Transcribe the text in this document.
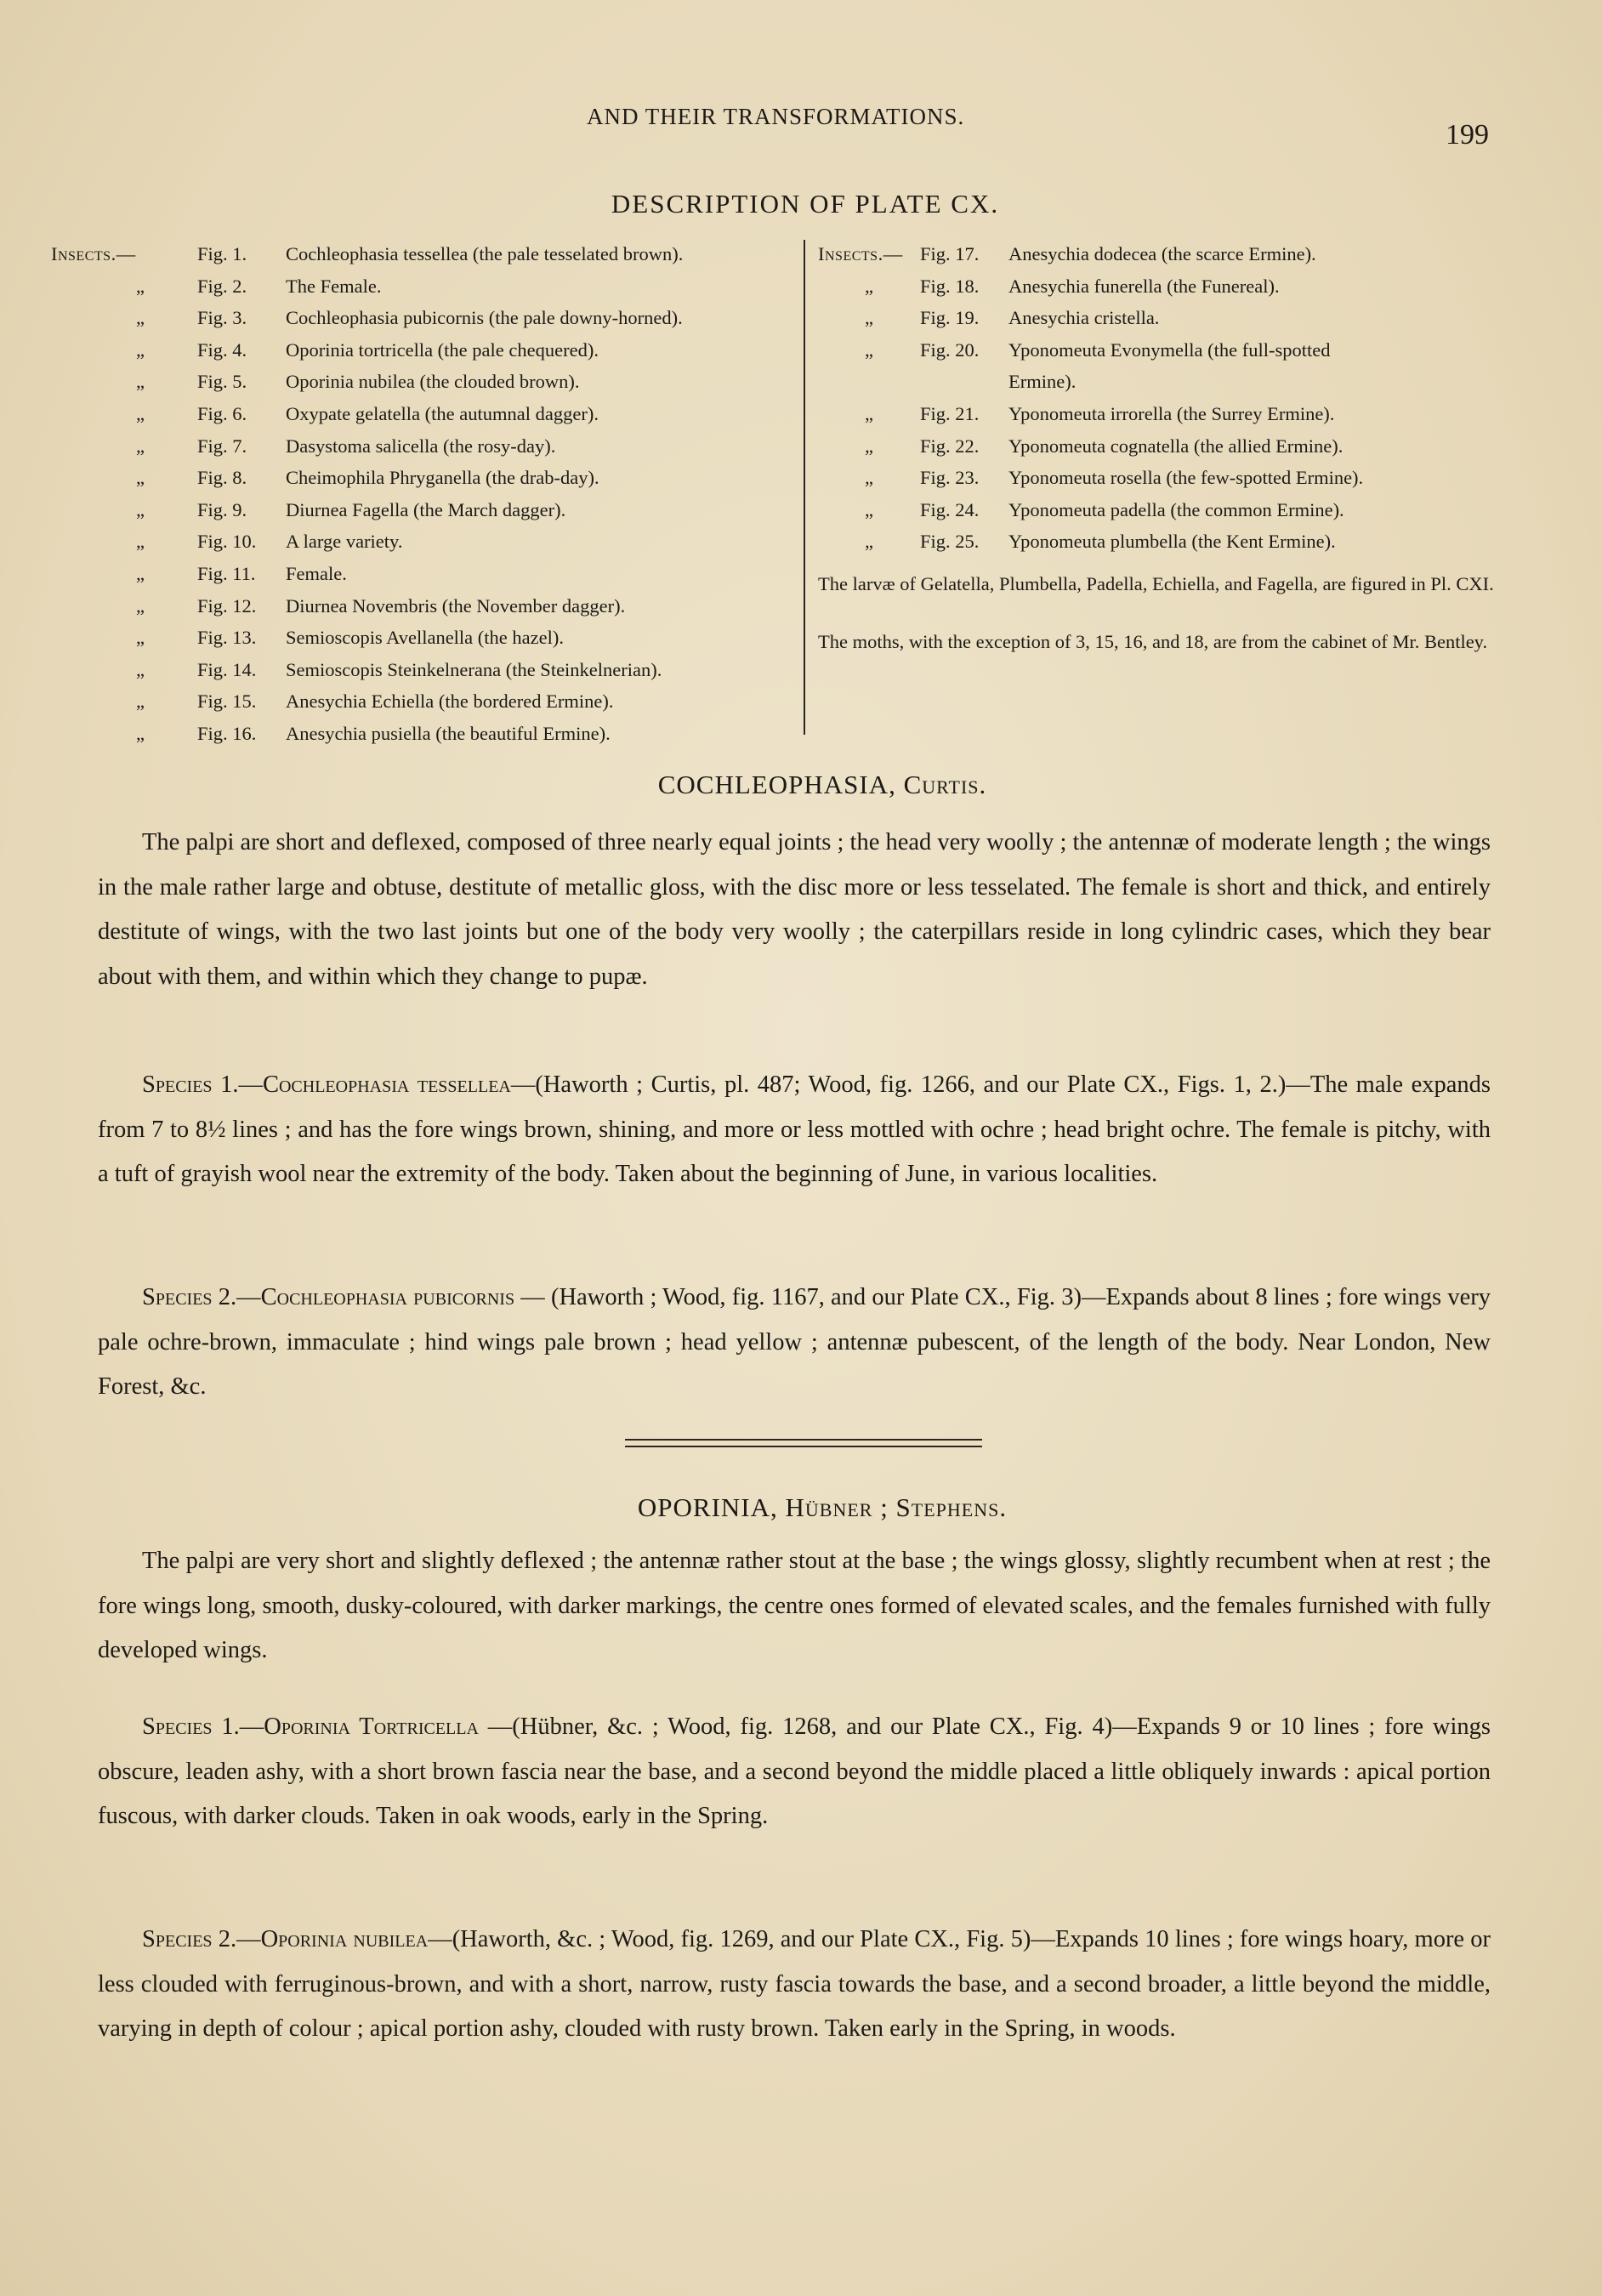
AND THEIR TRANSFORMATIONS.
199
DESCRIPTION OF PLATE CX.
Insects.—	Fig. 1.	Cochleophasia tessellea (the pale tesselated brown).
„	Fig. 2.	The Female.
„	Fig. 3.	Cochleophasia pubicornis (the pale downy-horned).
„	Fig. 4.	Oporinia tortricella (the pale chequered).
„	Fig. 5.	Oporinia nubilea (the clouded brown).
„	Fig. 6.	Oxypate gelatella (the autumnal dagger).
„	Fig. 7.	Dasystoma salicella (the rosy-day).
„	Fig. 8.	Cheimophila Phryganella (the drab-day).
„	Fig. 9.	Diurnea Fagella (the March dagger).
„	Fig. 10.	A large variety.
„	Fig. 11.	Female.
„	Fig. 12.	Diurnea Novembris (the November dagger).
„	Fig. 13.	Semioscopis Avellanella (the hazel).
„	Fig. 14.	Semioscopis Steinkelnerana (the Steinkelnerian).
„	Fig. 15.	Anesychia Echiella (the bordered Ermine).
„	Fig. 16.	Anesychia pusiella (the beautiful Ermine).
Insects.— Fig. 17.	Anesychia dodecea (the scarce Ermine).
„	Fig. 18.	Anesychia funerella (the Funereal).
„	Fig. 19.	Anesychia cristella.
„	Fig. 20.	Yponomeuta Evonymella (the full-spotted
Ermine).
„	Fig. 21.	Yponomeuta irrorella (the Surrey Ermine).
„	Fig. 22.	Yponomeuta cognatella (the allied Ermine).
„	Fig. 23.	Yponomeuta rosella (the few-spotted Ermine).
„	Fig. 24.	Yponomeuta padella (the common Ermine).
„	Fig. 25.	Yponomeuta plumbella (the Kent Ermine).

The larvæ of Gelatella, Plumbella, Padella, Echiella, and Fagella, are figured in Pl. CXI.

The moths, with the exception of 3, 15, 16, and 18, are from the cabinet of Mr. Bentley.

COCHLEOPHASIA, Curtis.

The palpi are short and deflexed, composed of three nearly equal joints ; the head very woolly ; the antennæ of moderate length ; the wings in the male rather large and obtuse, destitute of metallic gloss, with the disc more or less tesselated. The female is short and thick, and entirely destitute of wings, with the two last joints but one of the body very woolly ; the caterpillars reside in long cylindric cases, which they bear about with them, and within which they change to pupæ.

Species 1.—Cochleophasia tessellea—(Haworth ; Curtis, pl. 487; Wood, fig. 1266, and our Plate CX., Figs. 1, 2.)—The male expands from 7 to 8½ lines ; and has the fore wings brown, shining, and more or less mottled with ochre ; head bright ochre. The female is pitchy, with a tuft of grayish wool near the extremity of the body. Taken about the beginning of June, in various localities.

Species 2.—Cochleophasia pubicornis — (Haworth ; Wood, fig. 1167, and our Plate CX., Fig. 3)—Expands about 8 lines ; fore wings very pale ochre-brown, immaculate ; hind wings pale brown ; head yellow ; antennæ pubescent, of the length of the body. Near London, New Forest, &c.

OPORINIA, Hübner ; Stephens.

The palpi are very short and slightly deflexed ; the antennæ rather stout at the base ; the wings glossy, slightly recumbent when at rest ; the fore wings long, smooth, dusky-coloured, with darker markings, the centre ones formed of elevated scales, and the females furnished with fully developed wings.

Species 1.—Oporinia Tortricella —(Hübner, &c. ; Wood, fig. 1268, and our Plate CX., Fig. 4)—Expands 9 or 10 lines ; fore wings obscure, leaden ashy, with a short brown fascia near the base, and a second beyond the middle placed a little obliquely inwards : apical portion fuscous, with darker clouds. Taken in oak woods, early in the Spring.

Species 2.—Oporinia nubilea—(Haworth, &c. ; Wood, fig. 1269, and our Plate CX., Fig. 5)—Expands 10 lines ; fore wings hoary, more or less clouded with ferruginous-brown, and with a short, narrow, rusty fascia towards the base, and a second broader, a little beyond the middle, varying in depth of colour ; apical portion ashy, clouded with rusty brown. Taken early in the Spring, in woods.
